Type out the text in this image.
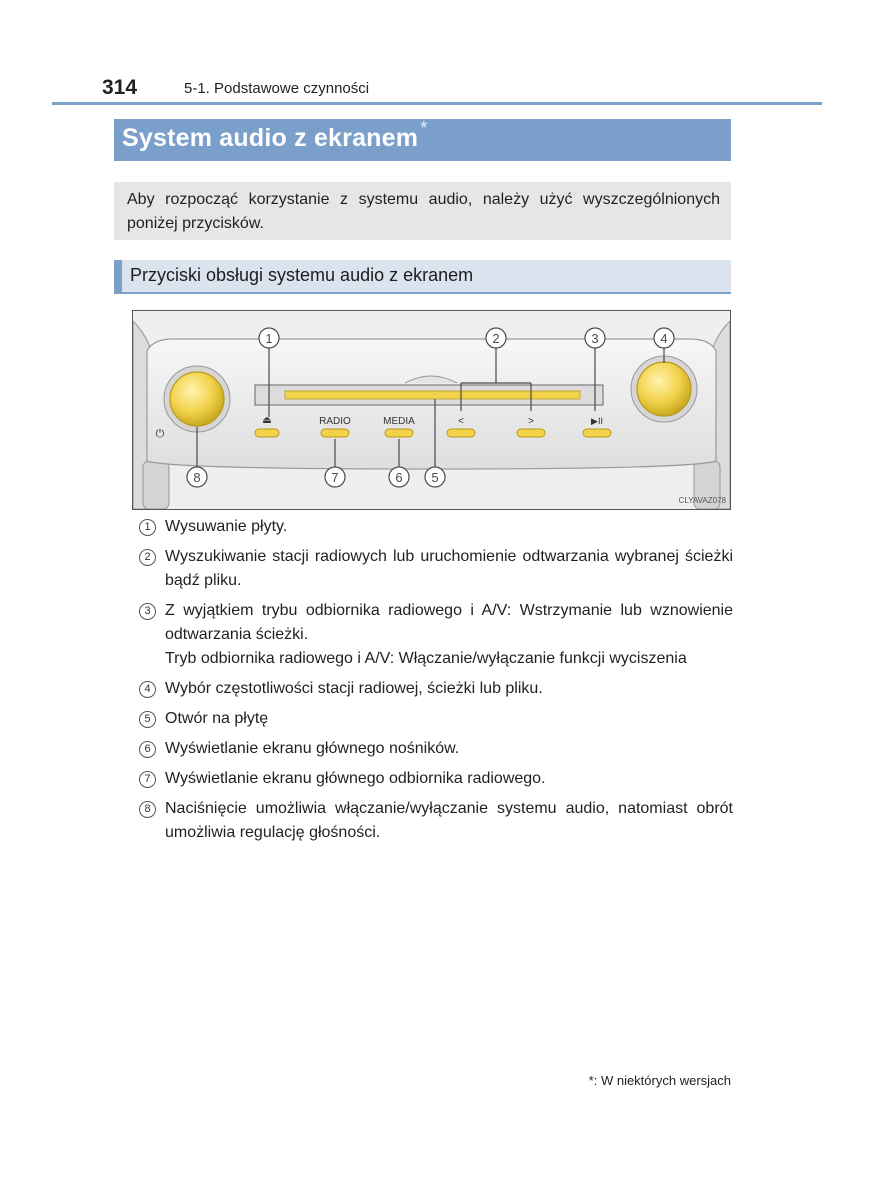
314	5-1. Podstawowe czynności
System audio z ekranem *
Aby rozpocząć korzystanie z systemu audio, należy użyć wyszczególnionych poniżej przycisków.
Przyciski obsługi systemu audio z ekranem
⏏	RADIO	MEDIA	<	>	▶II
⏻
1	2	3	4
5
6
7
8
CLYAVAZ078
1 Wysuwanie płyty.
2 Wyszukiwanie stacji radiowych lub uruchomienie odtwarzania wybranej ścieżki bądź pliku.
3 Z wyjątkiem trybu odbiornika radiowego i A/V: Wstrzymanie lub wznowienie odtwarzania ścieżki.
Tryb odbiornika radiowego i A/V: Włączanie/wyłączanie funkcji wyciszenia
4 Wybór częstotliwości stacji radiowej, ścieżki lub pliku.
5 Otwór na płytę
6 Wyświetlanie ekranu głównego nośników.
7 Wyświetlanie ekranu głównego odbiornika radiowego.
8 Naciśnięcie umożliwia włączanie/wyłączanie systemu audio, natomiast obrót umożliwia regulację głośności.
*: W niektórych wersjach
